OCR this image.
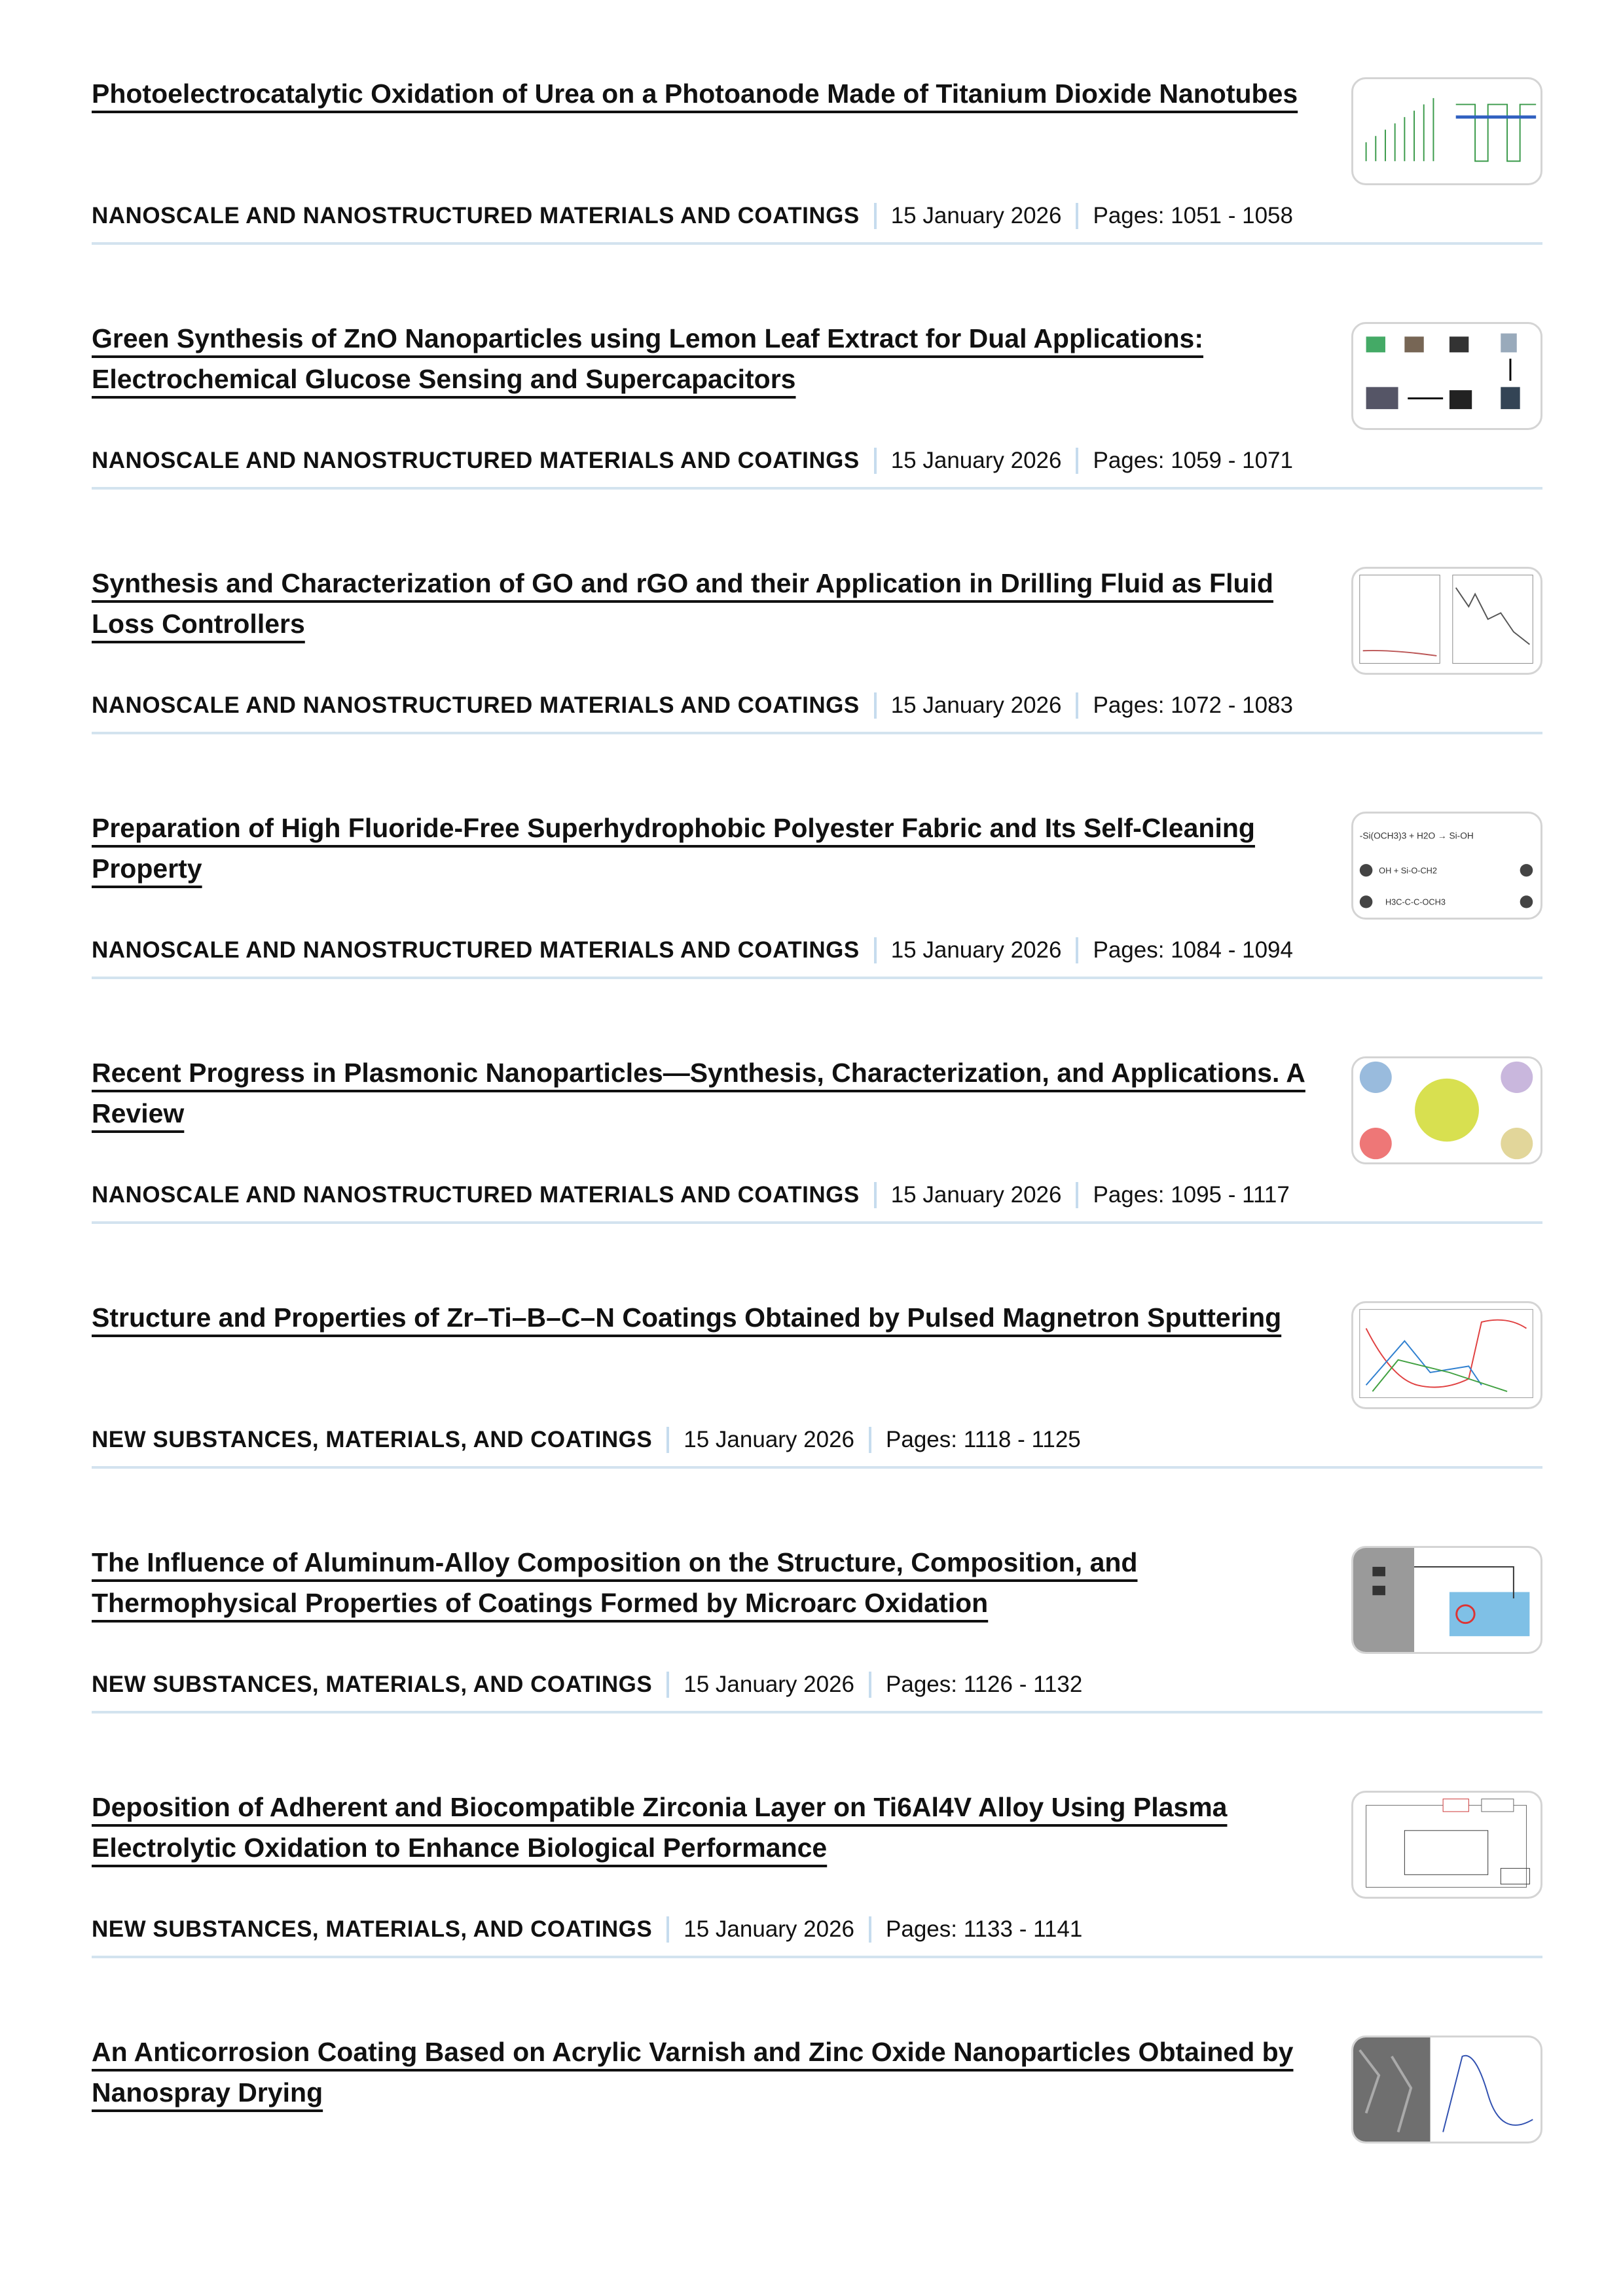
Photoelectrocatalytic Oxidation of Urea on a Photoanode Made of Titanium Dioxide Nanotubes
NANOSCALE AND NANOSTRUCTURED MATERIALS AND COATINGS 15 January 2026 Pages: 1051 - 1058
Green Synthesis of ZnO Nanoparticles using Lemon Leaf Extract for Dual Applications: Electrochemical Glucose Sensing and Supercapacitors
NANOSCALE AND NANOSTRUCTURED MATERIALS AND COATINGS 15 January 2026 Pages: 1059 - 1071
Synthesis and Characterization of GO and rGO and their Application in Drilling Fluid as Fluid Loss Controllers
NANOSCALE AND NANOSTRUCTURED MATERIALS AND COATINGS 15 January 2026 Pages: 1072 - 1083
Preparation of High Fluoride-Free Superhydrophobic Polyester Fabric and Its Self-Cleaning Property
NANOSCALE AND NANOSTRUCTURED MATERIALS AND COATINGS 15 January 2026 Pages: 1084 - 1094
-Si(OCH3)3 + H2O → Si-OH
OH + Si-O-CH2
H3C-C-C-OCH3
Recent Progress in Plasmonic Nanoparticles—Synthesis, Characterization, and Applications. A Review
NANOSCALE AND NANOSTRUCTURED MATERIALS AND COATINGS 15 January 2026 Pages: 1095 - 1117
Structure and Properties of Zr–Ti–B–C–N Coatings Obtained by Pulsed Magnetron Sputtering
NEW SUBSTANCES, MATERIALS, AND COATINGS 15 January 2026 Pages: 1118 - 1125
The Influence of Aluminum-Alloy Composition on the Structure, Composition, and Thermophysical Properties of Coatings Formed by Microarc Oxidation
NEW SUBSTANCES, MATERIALS, AND COATINGS 15 January 2026 Pages: 1126 - 1132
Deposition of Adherent and Biocompatible Zirconia Layer on Ti6Al4V Alloy Using Plasma Electrolytic Oxidation to Enhance Biological Performance
NEW SUBSTANCES, MATERIALS, AND COATINGS 15 January 2026 Pages: 1133 - 1141
An Anticorrosion Coating Based on Acrylic Varnish and Zinc Oxide Nanoparticles Obtained by Nanospray Drying
